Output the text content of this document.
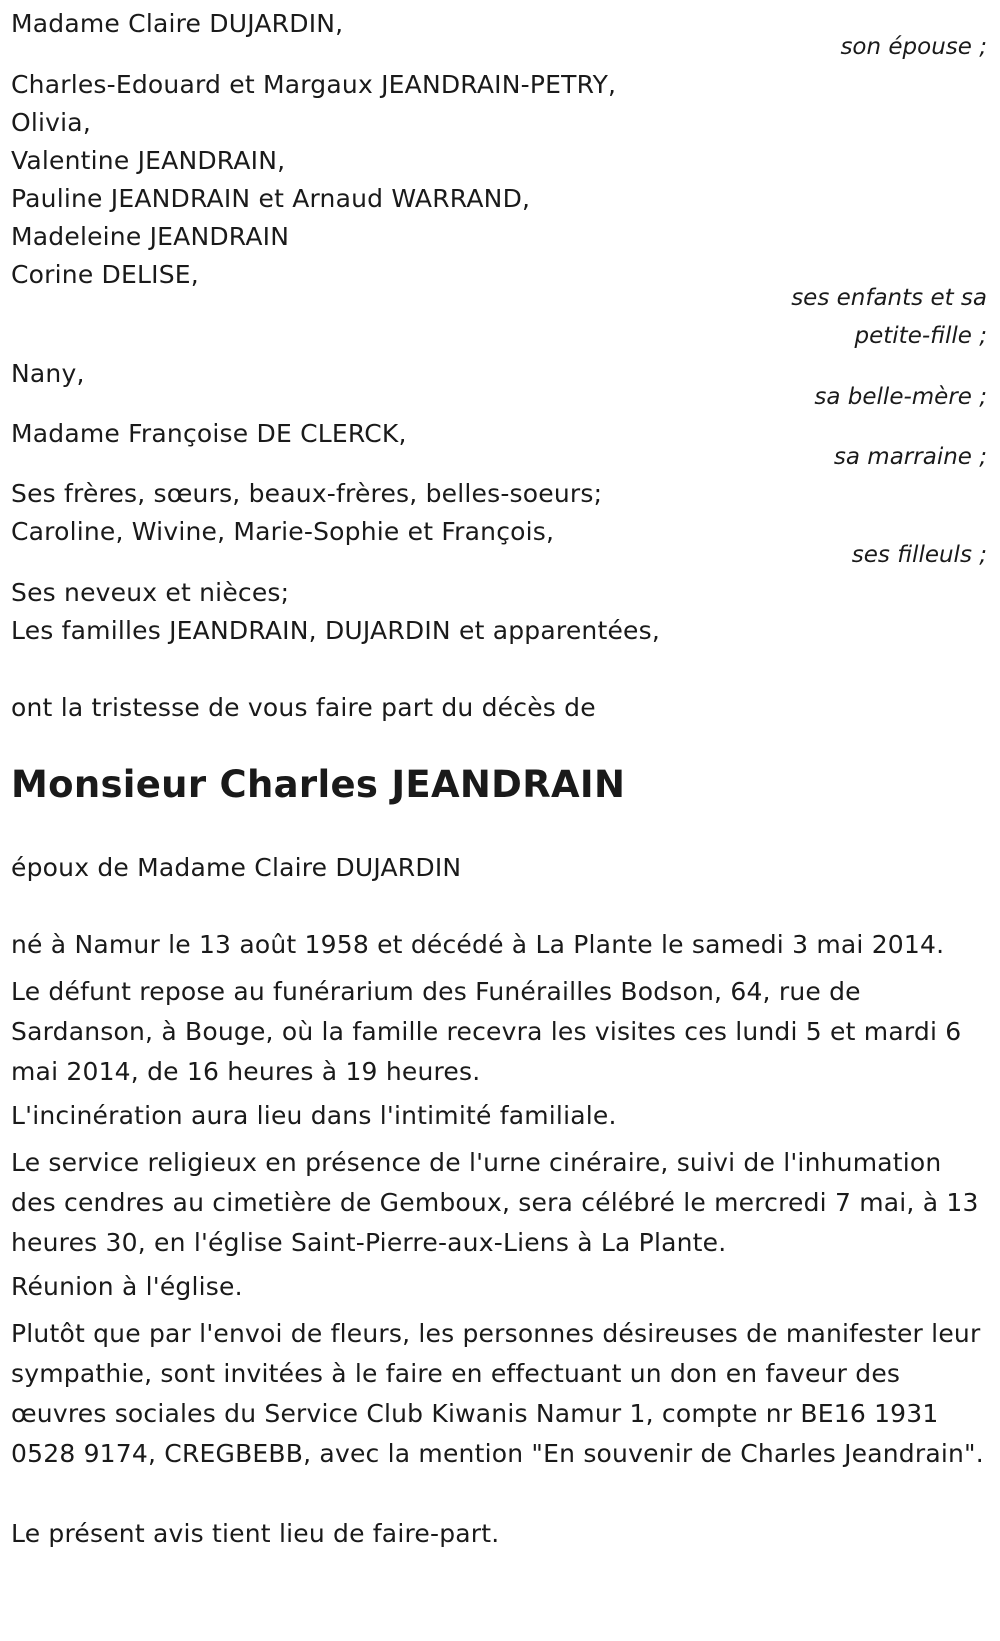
Madame Claire DUJARDIN,
son épouse ;
Charles-Edouard et Margaux JEANDRAIN-PETRY,
Olivia,
Valentine JEANDRAIN,
Pauline JEANDRAIN et Arnaud WARRAND,
Madeleine JEANDRAIN
Corine DELISE,
ses enfants et sa
petite-fille ;
Nany,
sa belle-mère ;
Madame Françoise DE CLERCK,
sa marraine ;
Ses frères, sœurs, beaux-frères, belles-soeurs;
Caroline, Wivine, Marie-Sophie et François,
ses filleuls ;
Ses neveux et nièces;
Les familles JEANDRAIN, DUJARDIN et apparentées,
ont la tristesse de vous faire part du décès de
Monsieur Charles JEANDRAIN
époux de Madame Claire DUJARDIN
né à Namur le 13 août 1958 et décédé à La Plante le samedi 3 mai 2014.
Le défunt repose au funérarium des Funérailles Bodson, 64, rue de Sardanson, à Bouge, où la famille recevra les visites ces lundi 5 et mardi 6 mai 2014, de 16 heures à 19 heures.
L'incinération aura lieu dans l'intimité familiale.
Le service religieux en présence de l'urne cinéraire, suivi de l'inhumation des cendres au cimetière de Gemboux, sera célébré le mercredi 7 mai, à 13 heures 30, en l'église Saint-Pierre-aux-Liens à La Plante.
Réunion à l'église.
Plutôt que par l'envoi de fleurs, les personnes désireuses de manifester leur sympathie, sont invitées à le faire en effectuant un don en faveur des œuvres sociales du Service Club Kiwanis Namur 1, compte nr BE16 1931 0528 9174, CREGBEBB, avec la mention "En souvenir de Charles Jeandrain".
Le présent avis tient lieu de faire-part.
